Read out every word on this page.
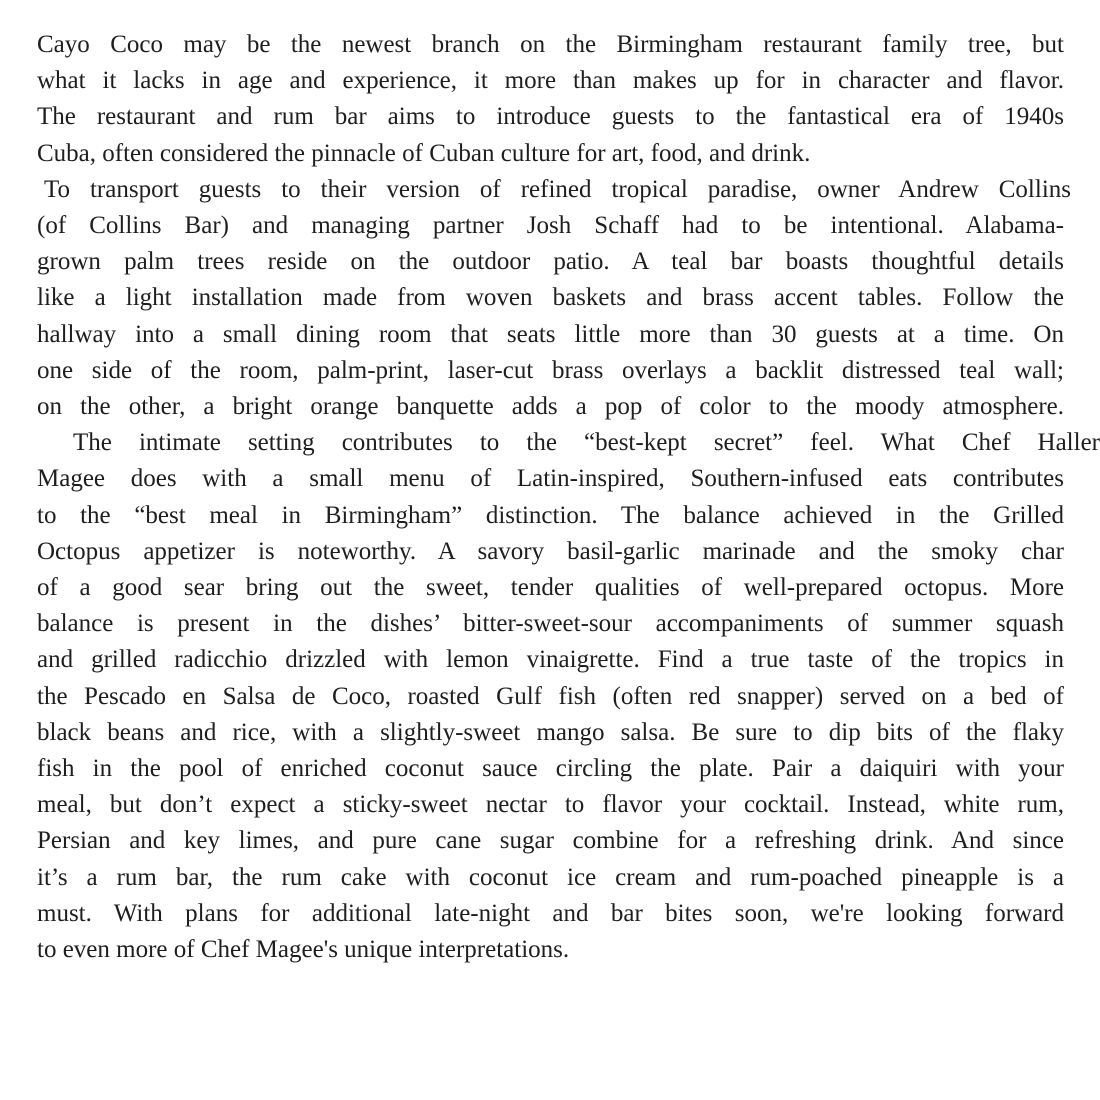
Cayo Coco may be the newest branch on the Birmingham restaurant family tree, but
what it lacks in age and experience, it more than makes up for in character and flavor.
The restaurant and rum bar aims to introduce guests to the fantastical era of 1940s
Cuba, often considered the pinnacle of Cuban culture for art, food, and drink.
To transport guests to their version of refined tropical paradise, owner Andrew Collins
(of Collins Bar) and managing partner Josh Schaff had to be intentional. Alabama-
grown palm trees reside on the outdoor patio. A teal bar boasts thoughtful details
like a light installation made from woven baskets and brass accent tables. Follow the
hallway into a small dining room that seats little more than 30 guests at a time. On
one side of the room, palm-print, laser-cut brass overlays a backlit distressed teal wall;
on the other, a bright orange banquette adds a pop of color to the moody atmosphere.
The intimate setting contributes to the “best-kept secret” feel. What Chef Haller
Magee does with a small menu of Latin-inspired, Southern-infused eats contributes
to the “best meal in Birmingham” distinction. The balance achieved in the Grilled
Octopus appetizer is noteworthy. A savory basil-garlic marinade and the smoky char
of a good sear bring out the sweet, tender qualities of well-prepared octopus. More
balance is present in the dishes’ bitter-sweet-sour accompaniments of summer squash
and grilled radicchio drizzled with lemon vinaigrette. Find a true taste of the tropics in
the Pescado en Salsa de Coco, roasted Gulf fish (often red snapper) served on a bed of
black beans and rice, with a slightly-sweet mango salsa. Be sure to dip bits of the flaky
fish in the pool of enriched coconut sauce circling the plate. Pair a daiquiri with your
meal, but don’t expect a sticky-sweet nectar to flavor your cocktail. Instead, white rum,
Persian and key limes, and pure cane sugar combine for a refreshing drink. And since
it’s a rum bar, the rum cake with coconut ice cream and rum-poached pineapple is a
must. With plans for additional late-night and bar bites soon, we're looking forward
to even more of Chef Magee's unique interpretations.
